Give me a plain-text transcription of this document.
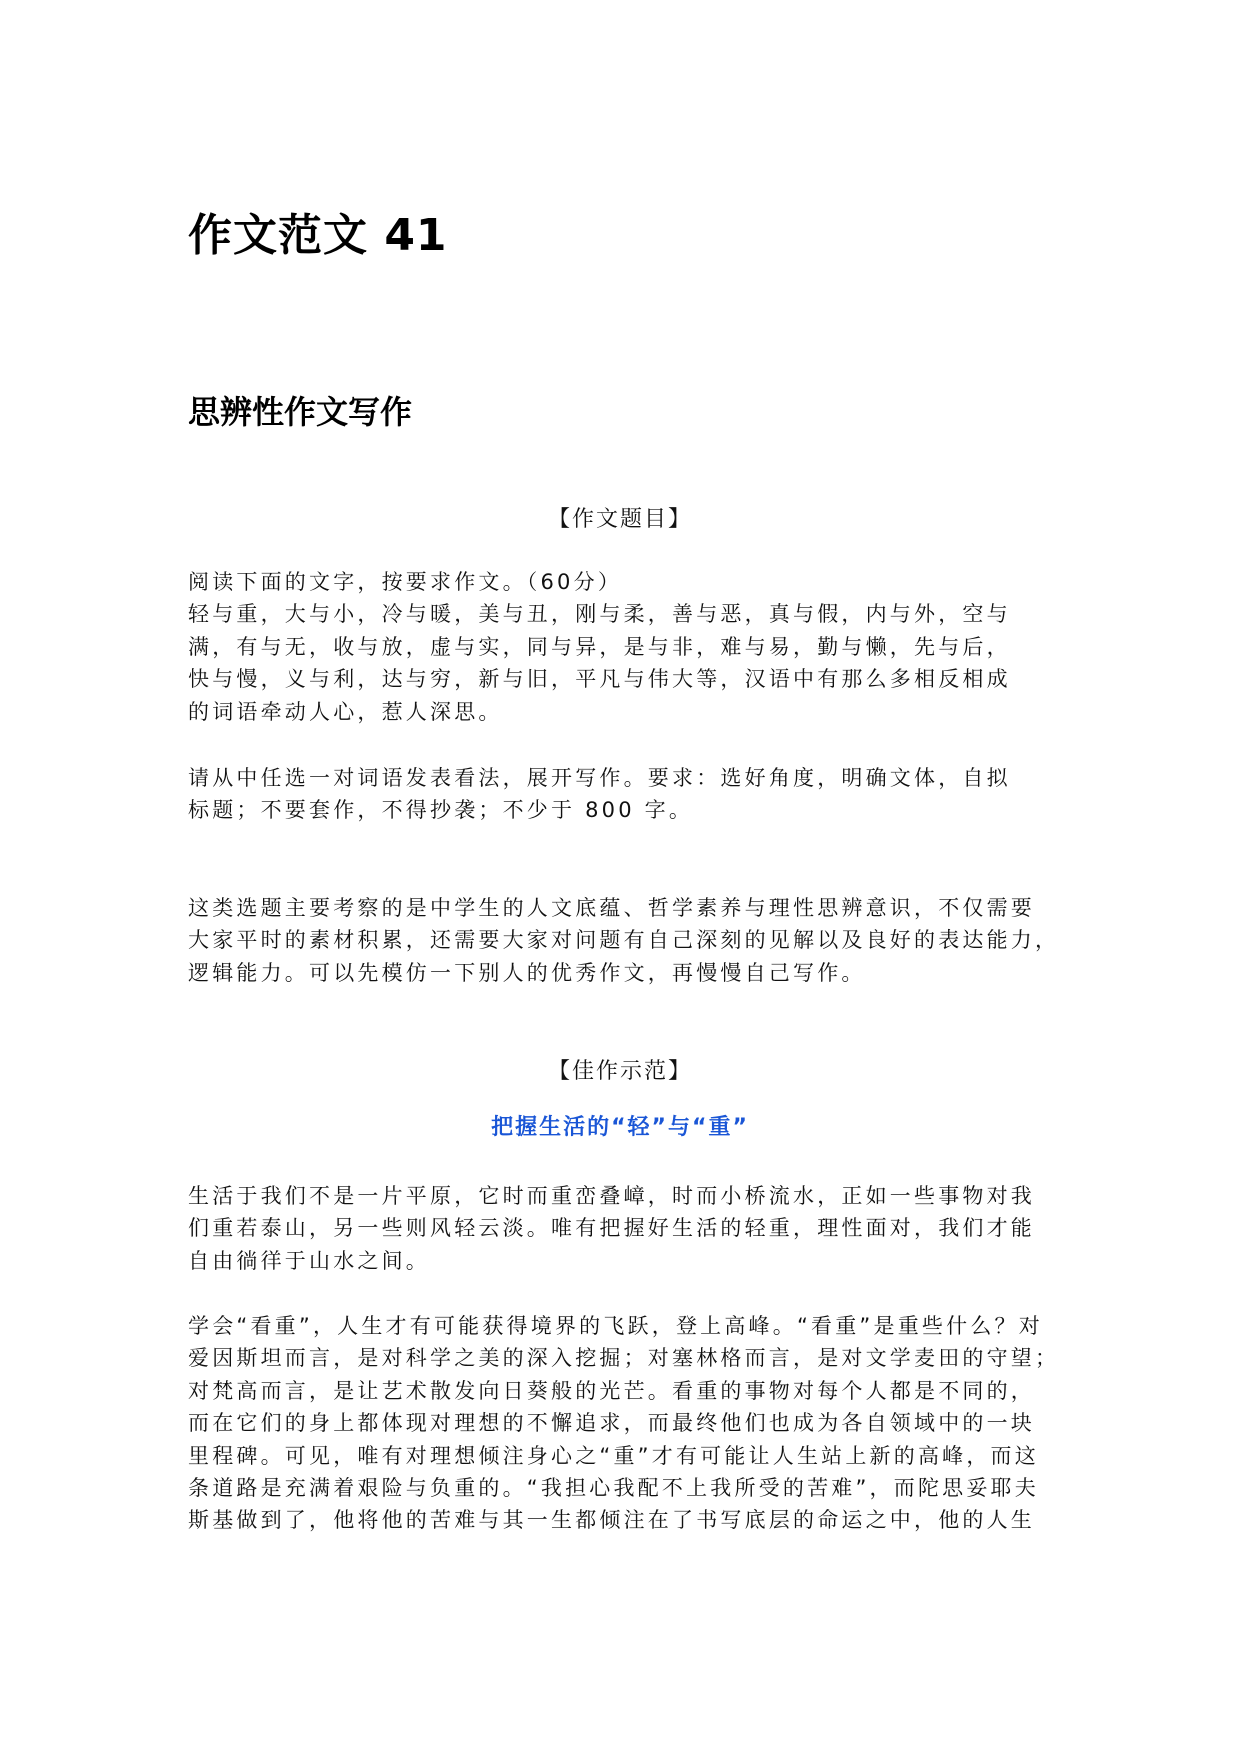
作文范文 41
思辨性作文写作

【作文题目】

阅读下面的文字，按要求作文。（60分）
轻与重，大与小，冷与暖，美与丑，刚与柔，善与恶，真与假，内与外，空与
满，有与无，收与放，虚与实，同与异，是与非，难与易，勤与懒，先与后，
快与慢，义与利，达与穷，新与旧，平凡与伟大等，汉语中有那么多相反相成
的词语牵动人心，惹人深思。
请从中任选一对词语发表看法，展开写作。要求：选好角度，明确文体，自拟
标题；不要套作，不得抄袭；不少于 800 字。
这类选题主要考察的是中学生的人文底蕴、哲学素养与理性思辨意识，不仅需要
大家平时的素材积累，还需要大家对问题有自己深刻的见解以及良好的表达能力，
逻辑能力。可以先模仿一下别人的优秀作文，再慢慢自己写作。

【佳作示范】

把握生活的“轻”与“重”

生活于我们不是一片平原，它时而重峦叠嶂，时而小桥流水，正如一些事物对我
们重若泰山，另一些则风轻云淡。唯有把握好生活的轻重，理性面对，我们才能
自由徜徉于山水之间。
学会“看重”，人生才有可能获得境界的飞跃，登上高峰。“看重”是重些什么？对
爱因斯坦而言，是对科学之美的深入挖掘；对塞林格而言，是对文学麦田的守望；
对梵高而言，是让艺术散发向日葵般的光芒。看重的事物对每个人都是不同的，
而在它们的身上都体现对理想的不懈追求，而最终他们也成为各自领域中的一块
里程碑。可见，唯有对理想倾注身心之“重”才有可能让人生站上新的高峰，而这
条道路是充满着艰险与负重的。“我担心我配不上我所受的苦难”，而陀思妥耶夫
斯基做到了，他将他的苦难与其一生都倾注在了书写底层的命运之中，他的人生
